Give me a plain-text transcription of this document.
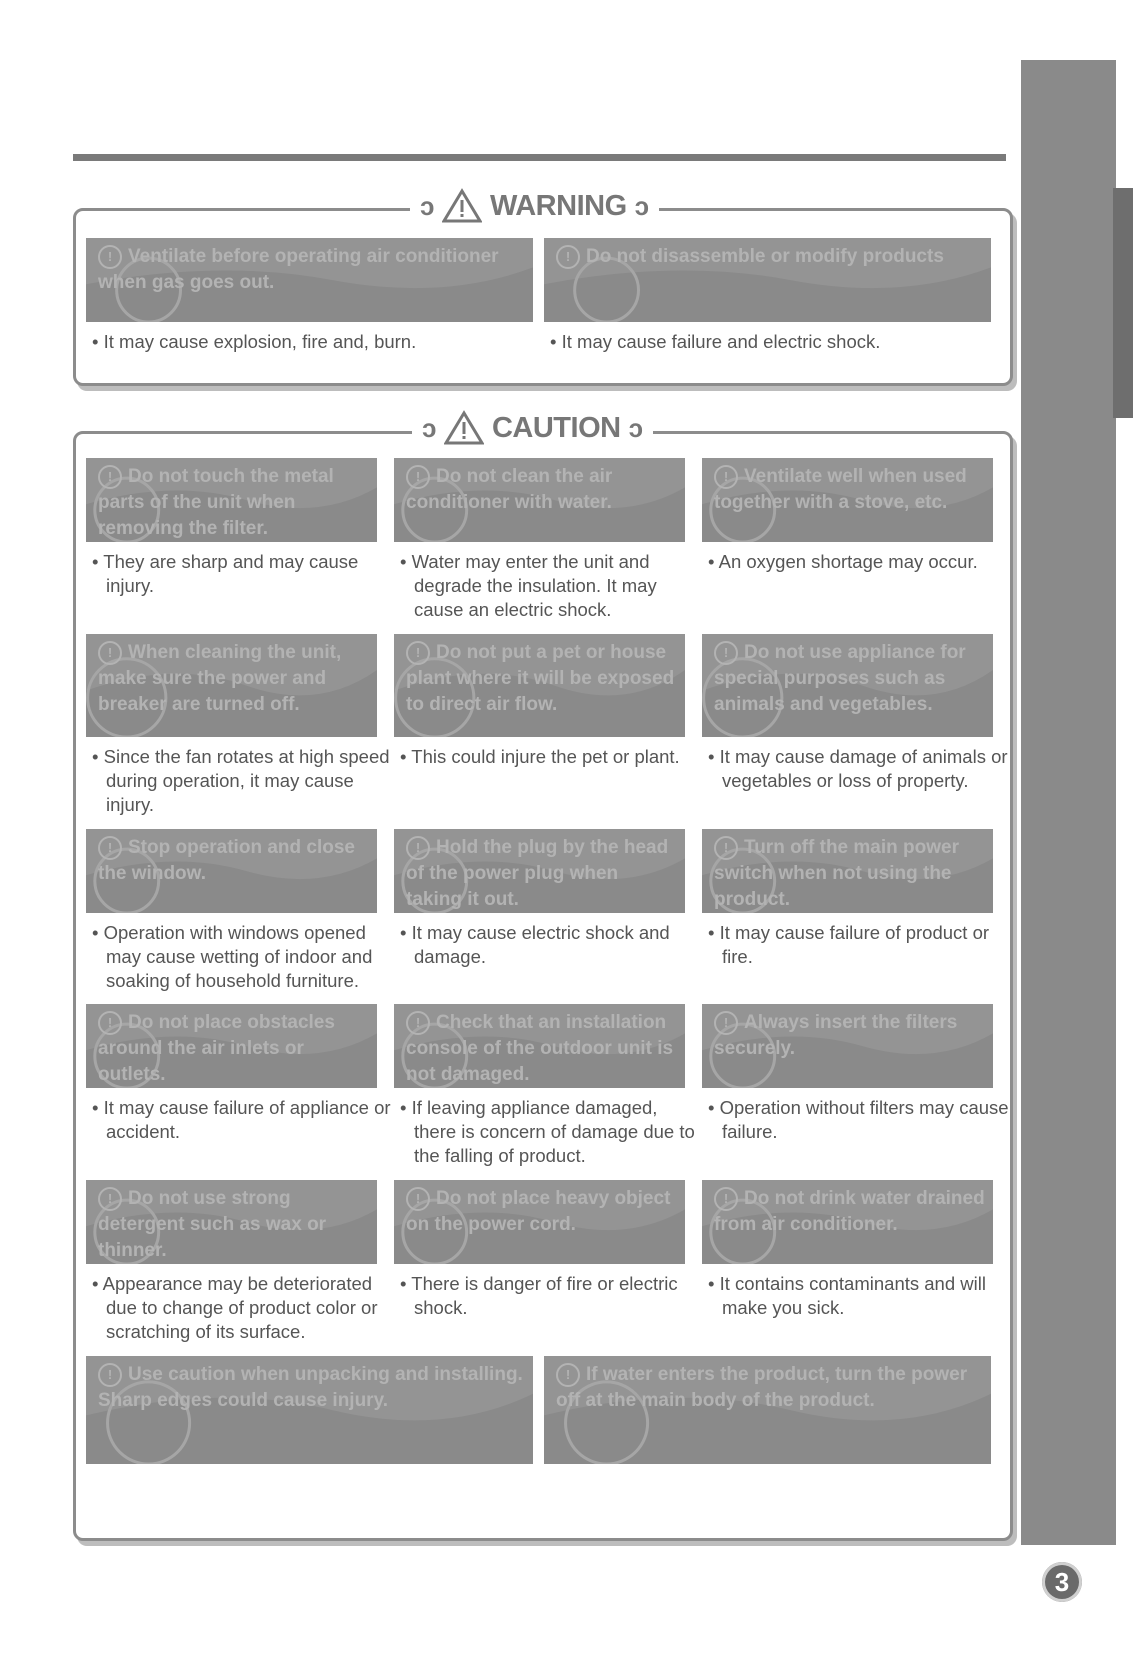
ↄ WARNING ↄ
ↄ CAUTION ↄ
! Ventilate before operating air conditioner when gas goes out.
• It may cause explosion, fire and, burn.
! Do not disassemble or modify products
• It may cause failure and electric shock.
! Do not touch the metal parts of the unit when removing the filter.
• They are sharp and may cause injury.
! Do not clean the air conditioner with water.
• Water may enter the unit and degrade the insulation. It may cause an electric shock.
! Ventilate well when used together with a stove, etc.
• An oxygen shortage may occur.
! When cleaning the unit, make sure the power and breaker are turned off.
• Since the fan rotates at high speed during operation, it may cause injury.
! Do not put a pet or house plant where it will be exposed to direct air flow.
• This could injure the pet or plant.
! Do not use appliance for special purposes such as animals and vegetables.
• It may cause damage of animals or vegetables or loss of property.
! Stop operation and close the window.
• Operation with windows opened may cause wetting of indoor and soaking of household furniture.
! Hold the plug by the head of the power plug when taking it out.
• It may cause electric shock and damage.
! Turn off the main power switch when not using the product.
• It may cause failure of product or fire.
! Do not place obstacles around the air inlets or outlets.
• It may cause failure of appliance or accident.
! Check that an installation console of the outdoor unit is not damaged.
• If leaving appliance damaged, there is concern of damage due to the falling of product.
! Always insert the filters securely.
• Operation without filters may cause failure.
! Do not use strong detergent such as wax or thinner.
• Appearance may be deteriorated due to change of product color or scratching of its surface.
! Do not place heavy object on the power cord.
• There is danger of fire or electric shock.
! Do not drink water drained from air conditioner.
• It contains contaminants and will make you sick.
! Use caution when unpacking and installing. Sharp edges could cause injury.
! If water enters the product, turn the power off at the main body of the product.
3
